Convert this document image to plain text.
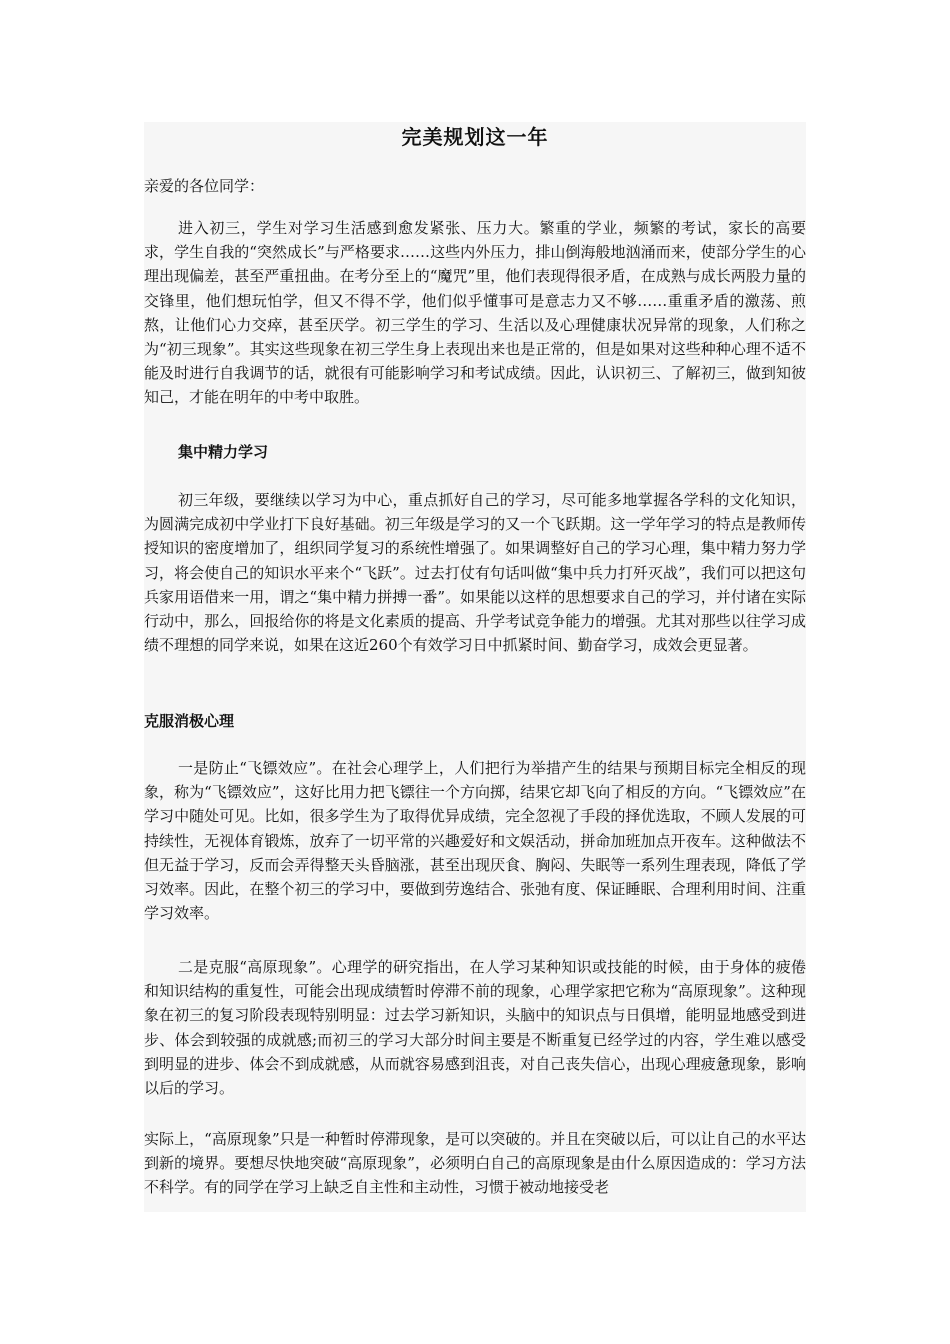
完美规划这一年

亲爱的各位同学：

进入初三，学生对学习生活感到愈发紧张、压力大。繁重的学业，频繁的考试，家长的高要求，学生自我的“突然成长”与严格要求……这些内外压力，排山倒海般地汹涌而来，使部分学生的心理出现偏差，甚至严重扭曲。在考分至上的“魔咒”里，他们表现得很矛盾，在成熟与成长两股力量的交锋里，他们想玩怕学，但又不得不学，他们似乎懂事可是意志力又不够……重重矛盾的激荡、煎熬，让他们心力交瘁，甚至厌学。初三学生的学习、生活以及心理健康状况异常的现象，人们称之为“初三现象”。其实这些现象在初三学生身上表现出来也是正常的，但是如果对这些种种心理不适不能及时进行自我调节的话，就很有可能影响学习和考试成绩。因此，认识初三、了解初三，做到知彼知己，才能在明年的中考中取胜。

集中精力学习

初三年级，要继续以学习为中心，重点抓好自己的学习，尽可能多地掌握各学科的文化知识，为圆满完成初中学业打下良好基础。初三年级是学习的又一个飞跃期。这一学年学习的特点是教师传授知识的密度增加了，组织同学复习的系统性增强了。如果调整好自己的学习心理，集中精力努力学习，将会使自己的知识水平来个“飞跃”。过去打仗有句话叫做“集中兵力打歼灭战”，我们可以把这句兵家用语借来一用，谓之“集中精力拼搏一番”。如果能以这样的思想要求自己的学习，并付诸在实际行动中，那么，回报给你的将是文化素质的提高、升学考试竞争能力的增强。尤其对那些以往学习成绩不理想的同学来说，如果在这近260个有效学习日中抓紧时间、勤奋学习，成效会更显著。

克服消极心理

一是防止“飞镖效应”。在社会心理学上，人们把行为举措产生的结果与预期目标完全相反的现象，称为“飞镖效应”，这好比用力把飞镖往一个方向掷，结果它却飞向了相反的方向。“飞镖效应”在学习中随处可见。比如，很多学生为了取得优异成绩，完全忽视了手段的择优选取，不顾人发展的可持续性，无视体育锻炼，放弃了一切平常的兴趣爱好和文娱活动，拼命加班加点开夜车。这种做法不但无益于学习，反而会弄得整天头昏脑涨，甚至出现厌食、胸闷、失眠等一系列生理表现，降低了学习效率。因此，在整个初三的学习中，要做到劳逸结合、张弛有度、保证睡眠、合理利用时间、注重学习效率。

二是克服“高原现象”。心理学的研究指出，在人学习某种知识或技能的时候，由于身体的疲倦和知识结构的重复性，可能会出现成绩暂时停滞不前的现象，心理学家把它称为“高原现象”。这种现象在初三的复习阶段表现特别明显：过去学习新知识，头脑中的知识点与日俱增，能明显地感受到进步、体会到较强的成就感;而初三的学习大部分时间主要是不断重复已经学过的内容，学生难以感受到明显的进步、体会不到成就感，从而就容易感到沮丧，对自己丧失信心，出现心理疲惫现象，影响以后的学习。

实际上，“高原现象”只是一种暂时停滞现象，是可以突破的。并且在突破以后，可以让自己的水平达到新的境界。要想尽快地突破“高原现象”，必须明白自己的高原现象是由什么原因造成的：学习方法不科学。有的同学在学习上缺乏自主性和主动性，习惯于被动地接受老
